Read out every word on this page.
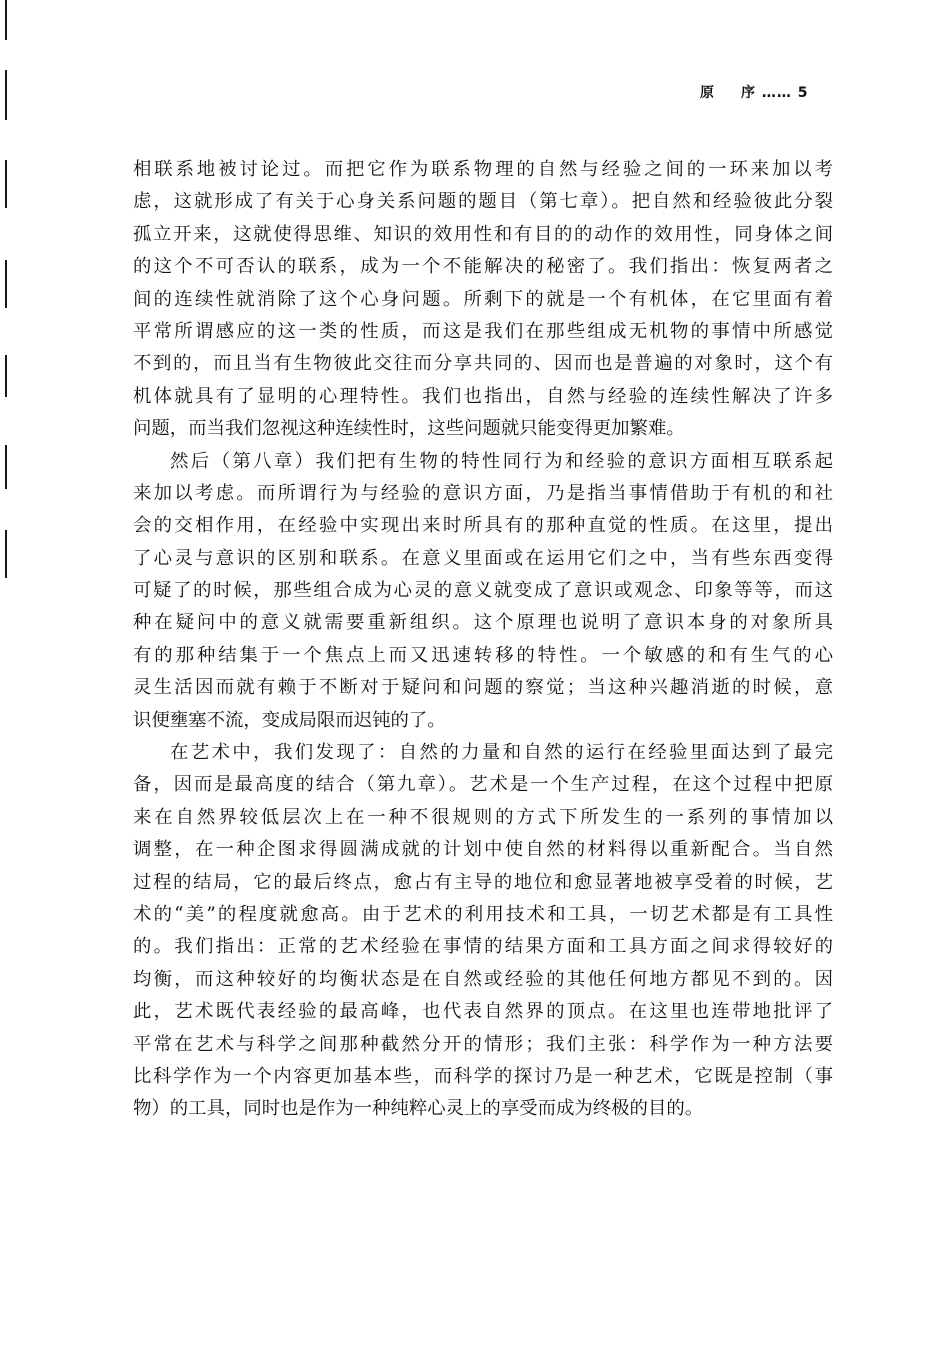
原 序 …… 5
相联系地被讨论过。而把它作为联系物理的自然与经验之间的一环来加以考
虑，这就形成了有关于心身关系问题的题目（第七章）。把自然和经验彼此分裂
孤立开来，这就使得思维、知识的效用性和有目的的动作的效用性，同身体之间
的这个不可否认的联系，成为一个不能解决的秘密了。我们指出：恢复两者之
间的连续性就消除了这个心身问题。所剩下的就是一个有机体，在它里面有着
平常所谓感应的这一类的性质，而这是我们在那些组成无机物的事情中所感觉
不到的，而且当有生物彼此交往而分享共同的、因而也是普遍的对象时，这个有
机体就具有了显明的心理特性。我们也指出，自然与经验的连续性解决了许多
问题，而当我们忽视这种连续性时，这些问题就只能变得更加繁难。
然后（第八章）我们把有生物的特性同行为和经验的意识方面相互联系起
来加以考虑。而所谓行为与经验的意识方面，乃是指当事情借助于有机的和社
会的交相作用，在经验中实现出来时所具有的那种直觉的性质。在这里，提出
了心灵与意识的区别和联系。在意义里面或在运用它们之中，当有些东西变得
可疑了的时候，那些组合成为心灵的意义就变成了意识或观念、印象等等，而这
种在疑问中的意义就需要重新组织。这个原理也说明了意识本身的对象所具
有的那种结集于一个焦点上而又迅速转移的特性。一个敏感的和有生气的心
灵生活因而就有赖于不断对于疑问和问题的察觉；当这种兴趣消逝的时候，意
识便壅塞不流，变成局限而迟钝的了。
在艺术中，我们发现了：自然的力量和自然的运行在经验里面达到了最完
备，因而是最高度的结合（第九章）。艺术是一个生产过程，在这个过程中把原
来在自然界较低层次上在一种不很规则的方式下所发生的一系列的事情加以
调整，在一种企图求得圆满成就的计划中使自然的材料得以重新配合。当自然
过程的结局，它的最后终点，愈占有主导的地位和愈显著地被享受着的时候，艺
术的“美”的程度就愈高。由于艺术的利用技术和工具，一切艺术都是有工具性
的。我们指出：正常的艺术经验在事情的结果方面和工具方面之间求得较好的
均衡，而这种较好的均衡状态是在自然或经验的其他任何地方都见不到的。因
此，艺术既代表经验的最高峰，也代表自然界的顶点。在这里也连带地批评了
平常在艺术与科学之间那种截然分开的情形；我们主张：科学作为一种方法要
比科学作为一个内容更加基本些，而科学的探讨乃是一种艺术，它既是控制（事
物）的工具，同时也是作为一种纯粹心灵上的享受而成为终极的目的。
